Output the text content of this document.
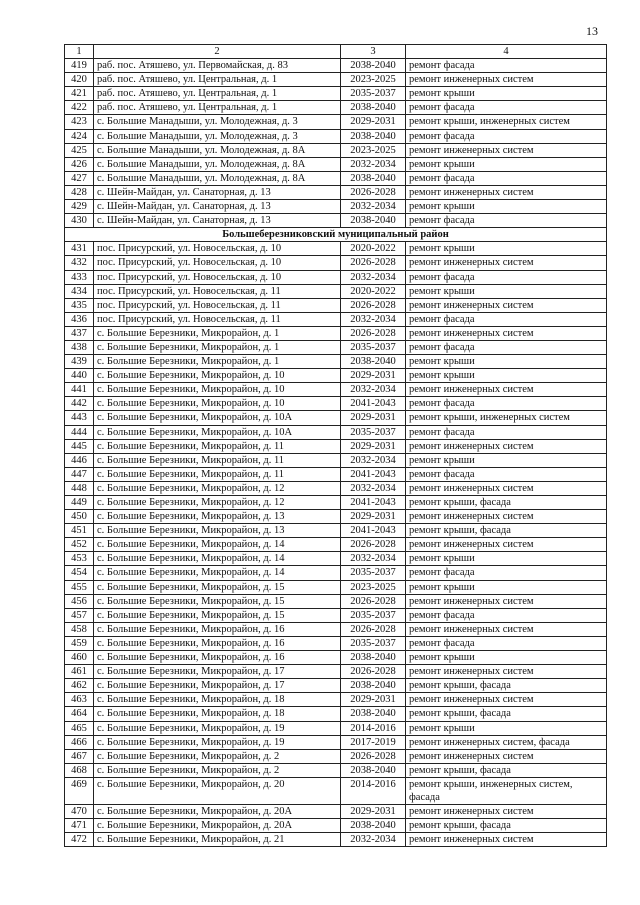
13
1	2	3	4
419	раб. пос. Атяшево, ул. Первомайская, д. 83	2038-2040	ремонт фасада
420	раб. пос. Атяшево, ул. Центральная, д. 1	2023-2025	ремонт инженерных систем
421	раб. пос. Атяшево, ул. Центральная, д. 1	2035-2037	ремонт крыши
422	раб. пос. Атяшево, ул. Центральная, д. 1	2038-2040	ремонт фасада
423	с. Большие Манадыши, ул. Молодежная, д. 3	2029-2031	ремонт крыши, инженерных систем
424	с. Большие Манадыши, ул. Молодежная, д. 3	2038-2040	ремонт фасада
425	с. Большие Манадыши, ул. Молодежная, д. 8А	2023-2025	ремонт инженерных систем
426	с. Большие Манадыши, ул. Молодежная, д. 8А	2032-2034	ремонт крыши
427	с. Большие Манадыши, ул. Молодежная, д. 8А	2038-2040	ремонт фасада
428	с. Шейн-Майдан, ул. Санаторная, д. 13	2026-2028	ремонт инженерных систем
429	с. Шейн-Майдан, ул. Санаторная, д. 13	2032-2034	ремонт крыши
430	с. Шейн-Майдан, ул. Санаторная, д. 13	2038-2040	ремонт фасада
Большеберезниковский муниципальный район			
431	пос. Присурский, ул. Новосельская, д. 10	2020-2022	ремонт крыши
432	пос. Присурский, ул. Новосельская, д. 10	2026-2028	ремонт инженерных систем
433	пос. Присурский, ул. Новосельская, д. 10	2032-2034	ремонт фасада
434	пос. Присурский, ул. Новосельская, д. 11	2020-2022	ремонт крыши
435	пос. Присурский, ул. Новосельская, д. 11	2026-2028	ремонт инженерных систем
436	пос. Присурский, ул. Новосельская, д. 11	2032-2034	ремонт фасада
437	с. Большие Березники, Микрорайон, д. 1	2026-2028	ремонт инженерных систем
438	с. Большие Березники, Микрорайон, д. 1	2035-2037	ремонт фасада
439	с. Большие Березники, Микрорайон, д. 1	2038-2040	ремонт крыши
440	с. Большие Березники, Микрорайон, д. 10	2029-2031	ремонт крыши
441	с. Большие Березники, Микрорайон, д. 10	2032-2034	ремонт инженерных систем
442	с. Большие Березники, Микрорайон, д. 10	2041-2043	ремонт фасада
443	с. Большие Березники, Микрорайон, д. 10А	2029-2031	ремонт крыши, инженерных систем
444	с. Большие Березники, Микрорайон, д. 10А	2035-2037	ремонт фасада
445	с. Большие Березники, Микрорайон, д. 11	2029-2031	ремонт инженерных систем
446	с. Большие Березники, Микрорайон, д. 11	2032-2034	ремонт крыши
447	с. Большие Березники, Микрорайон, д. 11	2041-2043	ремонт фасада
448	с. Большие Березники, Микрорайон, д. 12	2032-2034	ремонт инженерных систем
449	с. Большие Березники, Микрорайон, д. 12	2041-2043	ремонт крыши, фасада
450	с. Большие Березники, Микрорайон, д. 13	2029-2031	ремонт инженерных систем
451	с. Большие Березники, Микрорайон, д. 13	2041-2043	ремонт крыши, фасада
452	с. Большие Березники, Микрорайон, д. 14	2026-2028	ремонт инженерных систем
453	с. Большие Березники, Микрорайон, д. 14	2032-2034	ремонт крыши
454	с. Большие Березники, Микрорайон, д. 14	2035-2037	ремонт фасада
455	с. Большие Березники, Микрорайон, д. 15	2023-2025	ремонт крыши
456	с. Большие Березники, Микрорайон, д. 15	2026-2028	ремонт инженерных систем
457	с. Большие Березники, Микрорайон, д. 15	2035-2037	ремонт фасада
458	с. Большие Березники, Микрорайон, д. 16	2026-2028	ремонт инженерных систем
459	с. Большие Березники, Микрорайон, д. 16	2035-2037	ремонт фасада
460	с. Большие Березники, Микрорайон, д. 16	2038-2040	ремонт крыши
461	с. Большие Березники, Микрорайон, д. 17	2026-2028	ремонт инженерных систем
462	с. Большие Березники, Микрорайон, д. 17	2038-2040	ремонт крыши, фасада
463	с. Большие Березники, Микрорайон, д. 18	2029-2031	ремонт инженерных систем
464	с. Большие Березники, Микрорайон, д. 18	2038-2040	ремонт крыши, фасада
465	с. Большие Березники, Микрорайон, д. 19	2014-2016	ремонт крыши
466	с. Большие Березники, Микрорайон, д. 19	2017-2019	ремонт инженерных систем, фасада
467	с. Большие Березники, Микрорайон, д. 2	2026-2028	ремонт инженерных систем
468	с. Большие Березники, Микрорайон, д. 2	2038-2040	ремонт крыши, фасада
469	с. Большие Березники, Микрорайон, д. 20	2014-2016	ремонт крыши, инженерных систем, фасада
470	с. Большие Березники, Микрорайон, д. 20А	2029-2031	ремонт инженерных систем
471	с. Большие Березники, Микрорайон, д. 20А	2038-2040	ремонт крыши, фасада
472	с. Большие Березники, Микрорайон, д. 21	2032-2034	ремонт инженерных систем
